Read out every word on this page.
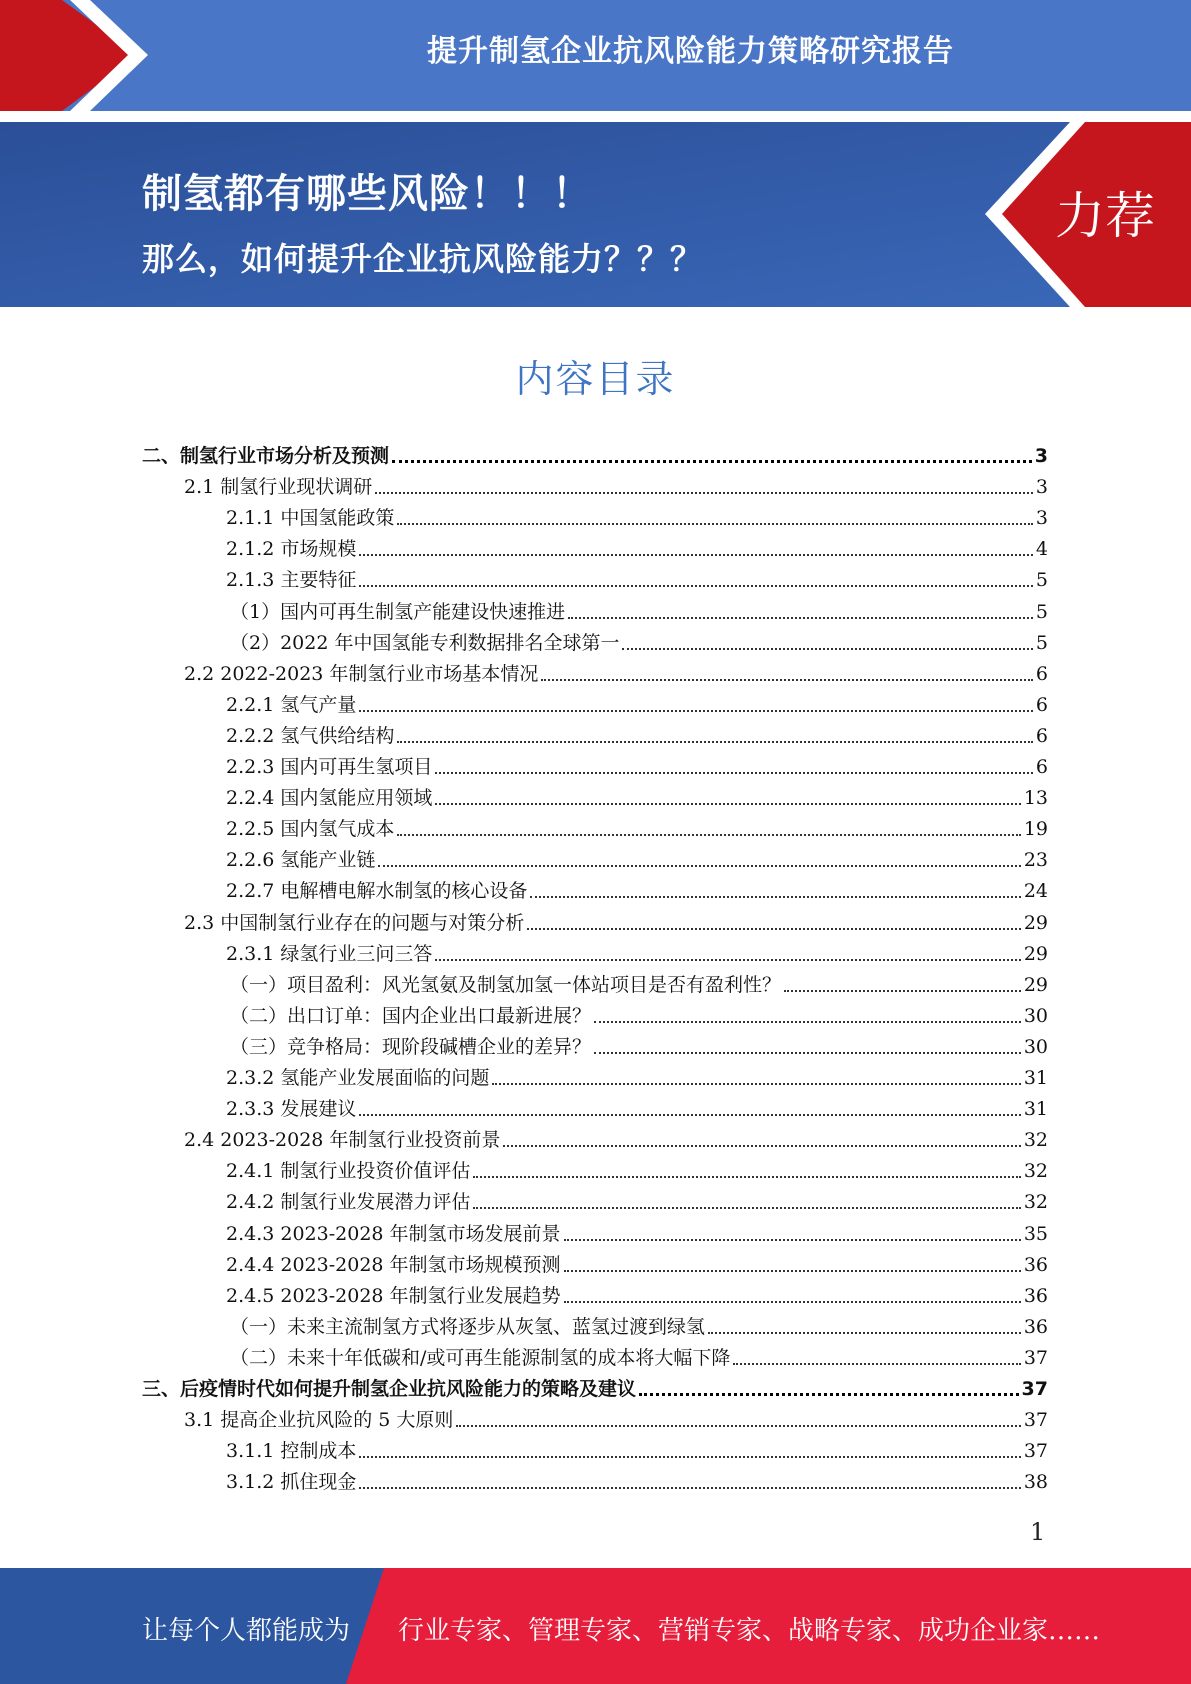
提升制氢企业抗风险能力策略研究报告
制氢都有哪些风险！！！
那么，如何提升企业抗风险能力？？？
力荐
内容目录
二、制氢行业市场分析及预测	3
2.1 制氢行业现状调研	3
2.1.1 中国氢能政策	3
2.1.2 市场规模	4
2.1.3 主要特征	5
（1）国内可再生制氢产能建设快速推进	5
（2）2022 年中国氢能专利数据排名全球第一	5
2.2 2022-2023 年制氢行业市场基本情况	6
2.2.1 氢气产量	6
2.2.2 氢气供给结构	6
2.2.3 国内可再生氢项目	6
2.2.4 国内氢能应用领域	13
2.2.5 国内氢气成本	19
2.2.6 氢能产业链	23
2.2.7 电解槽电解水制氢的核心设备	24
2.3 中国制氢行业存在的问题与对策分析	29
2.3.1 绿氢行业三问三答	29
（一）项目盈利：风光氢氨及制氢加氢一体站项目是否有盈利性？	29
（二）出口订单：国内企业出口最新进展？	30
（三）竞争格局：现阶段碱槽企业的差异？	30
2.3.2 氢能产业发展面临的问题	31
2.3.3 发展建议	31
2.4 2023-2028 年制氢行业投资前景	32
2.4.1 制氢行业投资价值评估	32
2.4.2 制氢行业发展潜力评估	32
2.4.3 2023-2028 年制氢市场发展前景	35
2.4.4 2023-2028 年制氢市场规模预测	36
2.4.5 2023-2028 年制氢行业发展趋势	36
（一）未来主流制氢方式将逐步从灰氢、蓝氢过渡到绿氢	36
（二）未来十年低碳和/或可再生能源制氢的成本将大幅下降	37
三、后疫情时代如何提升制氢企业抗风险能力的策略及建议	37
3.1 提高企业抗风险的 5 大原则	37
3.1.1 控制成本	37
3.1.2 抓住现金	38
1
让每个人都能成为 行业专家、管理专家、营销专家、战略专家、成功企业家……
